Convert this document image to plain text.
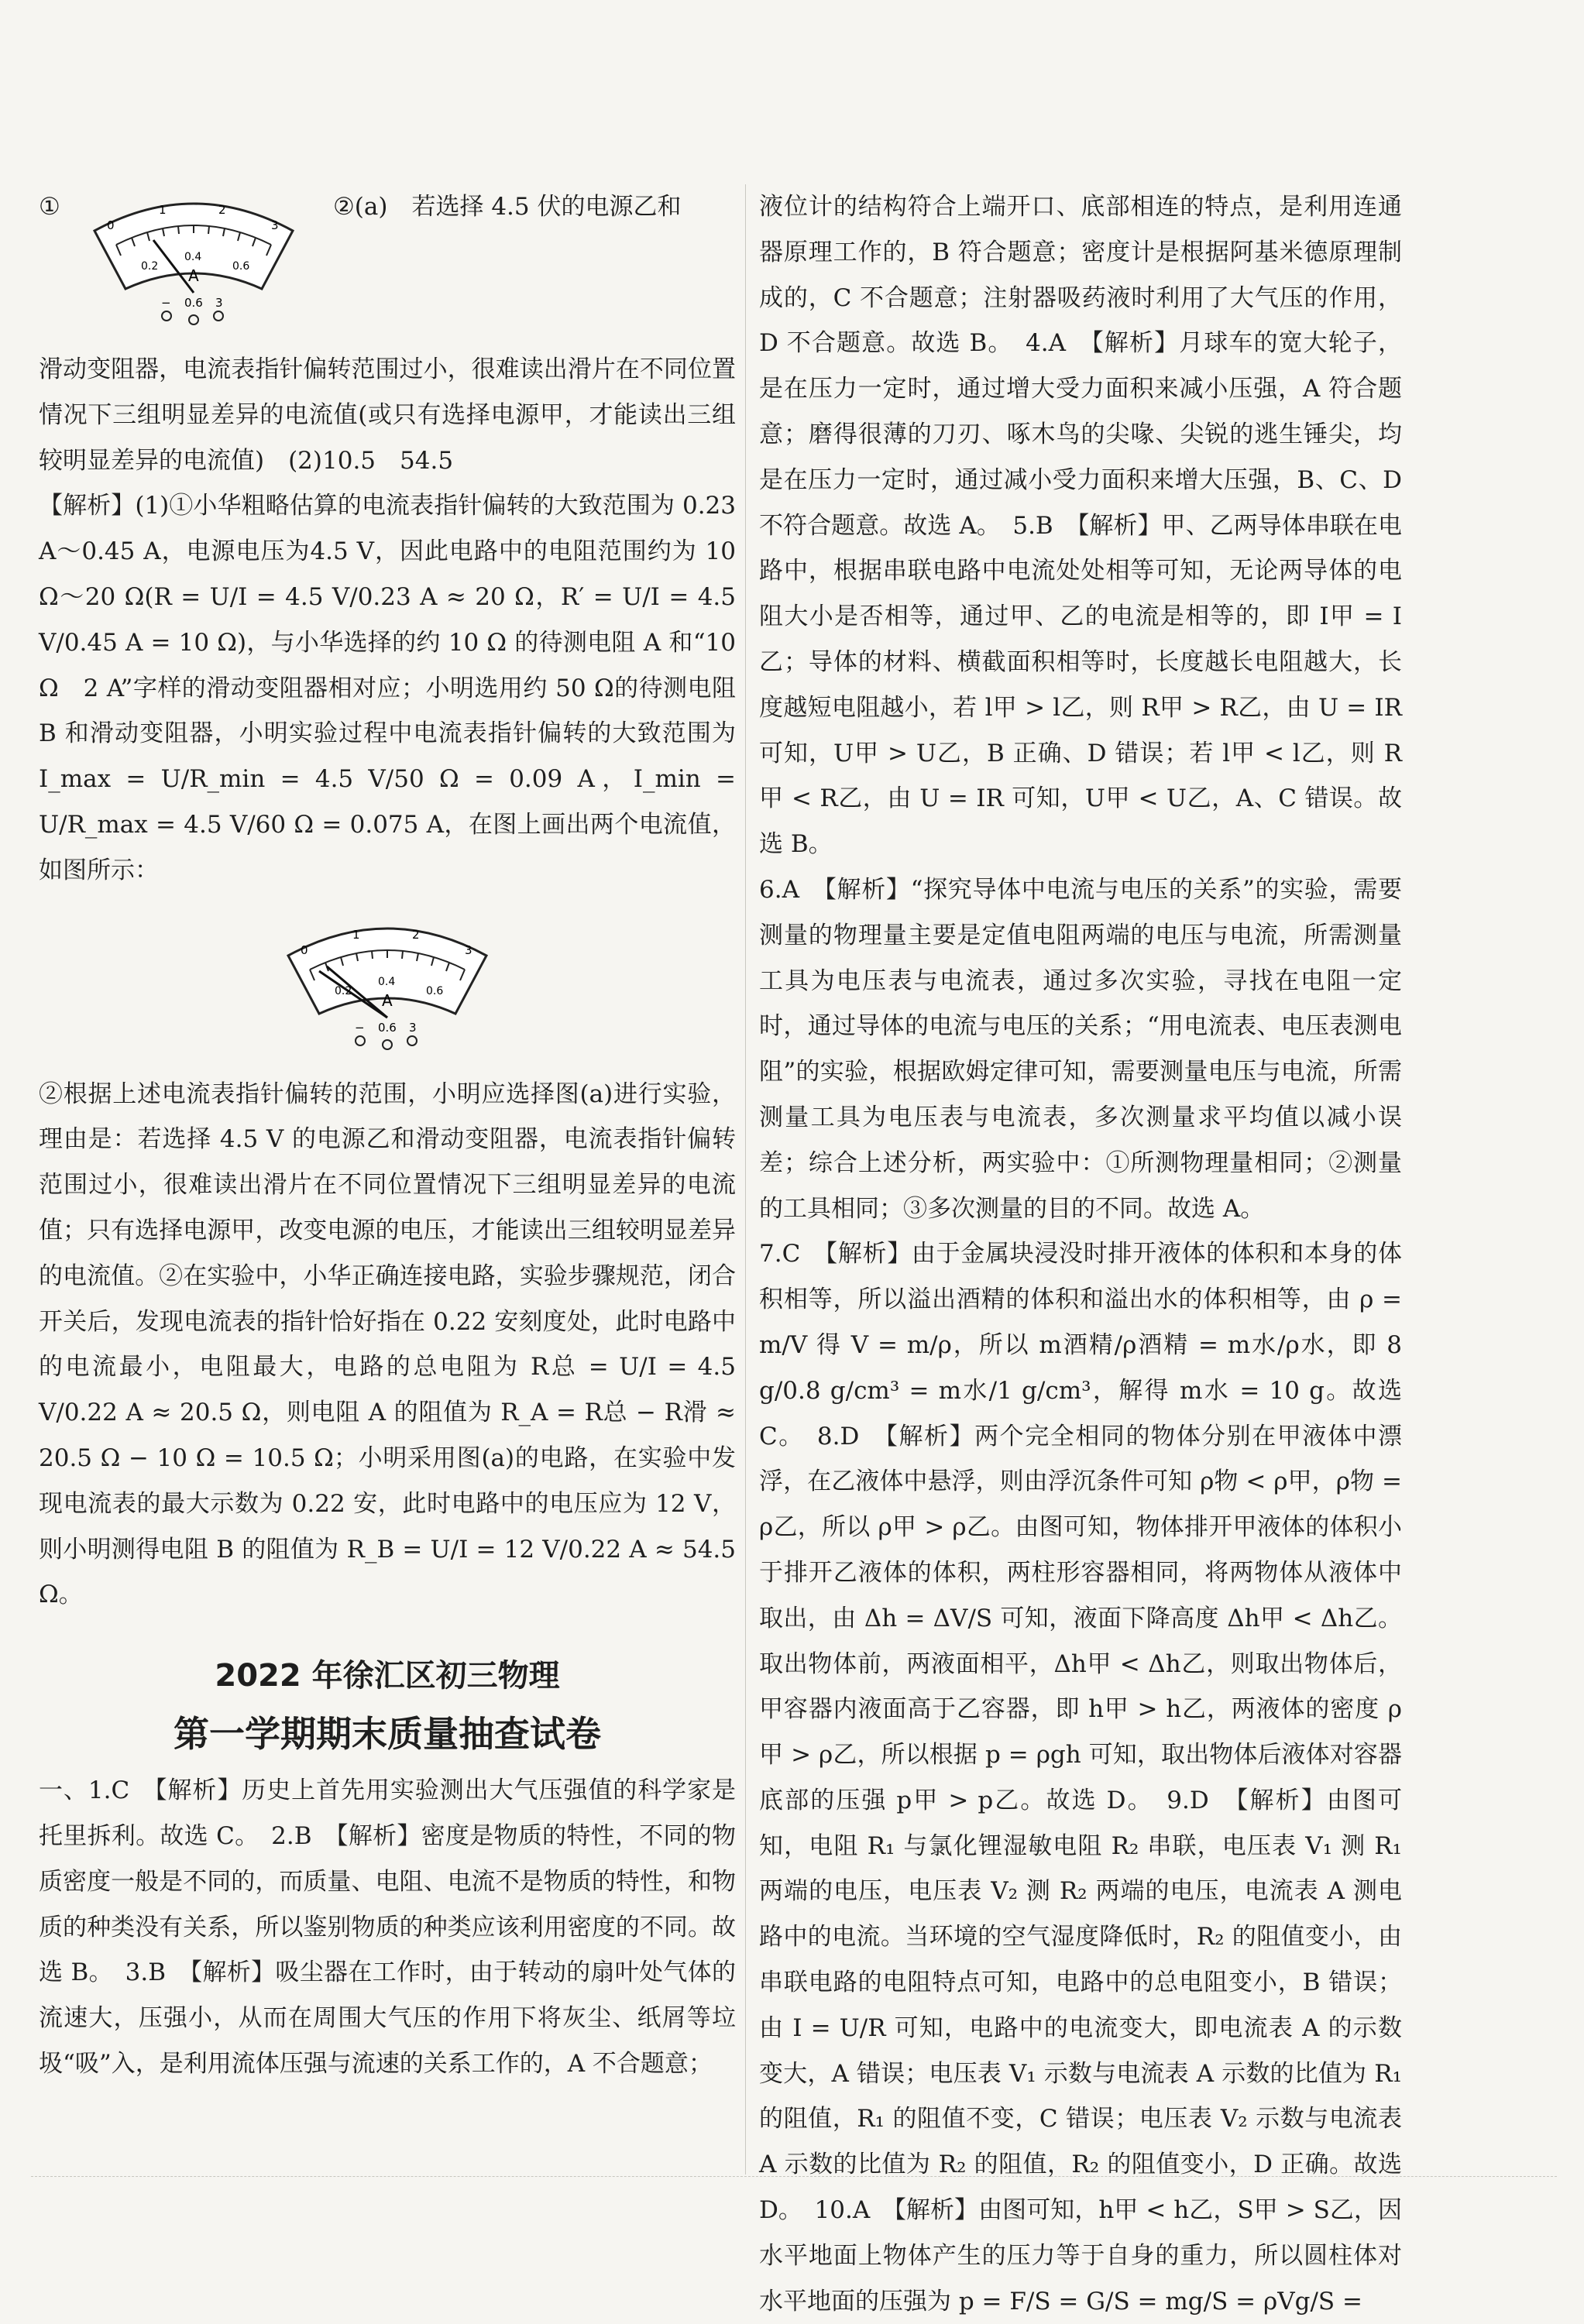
①
0
1	2
3
0.2
0.4
0.6
A
− 0.6 3
②(a)　若选择 4.5 伏的电源乙和

滑动变阻器，电流表指针偏转范围过小，很难读出滑片在不同位置情况下三组明显差异的电流值(或只有选择电源甲，才能读出三组较明显差异的电流值)　(2)10.5　54.5

【解析】(1)①小华粗略估算的电流表指针偏转的大致范围为 0.23 A～0.45 A，电源电压为4.5 V，因此电路中的电阻范围约为 10 Ω～20 Ω(R = U/I = 4.5 V/0.23 A ≈ 20 Ω，R′ = U/I = 4.5 V/0.45 A = 10 Ω)，与小华选择的约 10 Ω 的待测电阻 A 和“10 Ω　2 A”字样的滑动变阻器相对应；小明选用约 50 Ω的待测电阻 B 和滑动变阻器，小明实验过程中电流表指针偏转的大致范围为 I_max = U/R_min = 4.5 V/50 Ω = 0.09 A，I_min = U/R_max = 4.5 V/60 Ω = 0.075 A，在图上画出两个电流值，如图所示：

0
1	2
3
0.2
0.4
0.6
A
− 0.6 3

②根据上述电流表指针偏转的范围，小明应选择图(a)进行实验，理由是：若选择 4.5 V 的电源乙和滑动变阻器，电流表指针偏转范围过小，很难读出滑片在不同位置情况下三组明显差异的电流值；只有选择电源甲，改变电源的电压，才能读出三组较明显差异的电流值。②在实验中，小华正确连接电路，实验步骤规范，闭合开关后，发现电流表的指针恰好指在 0.22 安刻度处，此时电路中的电流最小，电阻最大，电路的总电阻为 R总 = U/I = 4.5 V/0.22 A ≈ 20.5 Ω，则电阻 A 的阻值为 R_A = R总 − R滑 ≈ 20.5 Ω − 10 Ω = 10.5 Ω；小明采用图(a)的电路，在实验中发现电流表的最大示数为 0.22 安，此时电路中的电压应为 12 V，则小明测得电阻 B 的阻值为 R_B = U/I = 12 V/0.22 A ≈ 54.5 Ω。

2022 年徐汇区初三物理
第一学期期末质量抽查试卷

一、1.C　【解析】历史上首先用实验测出大气压强值的科学家是托里拆利。故选 C。　2.B　【解析】密度是物质的特性，不同的物质密度一般是不同的，而质量、电阻、电流不是物质的特性，和物质的种类没有关系，所以鉴别物质的种类应该利用密度的不同。故选 B。　3.B　【解析】吸尘器在工作时，由于转动的扇叶处气体的流速大，压强小，从而在周围大气压的作用下将灰尘、纸屑等垃圾“吸”入，是利用流体压强与流速的关系工作的，A 不合题意；

液位计的结构符合上端开口、底部相连的特点，是利用连通器原理工作的，B 符合题意；密度计是根据阿基米德原理制成的，C 不合题意；注射器吸药液时利用了大气压的作用，D 不合题意。故选 B。　4.A　【解析】月球车的宽大轮子，是在压力一定时，通过增大受力面积来减小压强，A 符合题意；磨得很薄的刀刃、啄木鸟的尖喙、尖锐的逃生锤尖，均是在压力一定时，通过减小受力面积来增大压强，B、C、D 不符合题意。故选 A。　5.B　【解析】甲、乙两导体串联在电路中，根据串联电路中电流处处相等可知，无论两导体的电阻大小是否相等，通过甲、乙的电流是相等的，即 I甲 = I乙；导体的材料、横截面积相等时，长度越长电阻越大，长度越短电阻越小，若 l甲 > l乙，则 R甲 > R乙，由 U = IR 可知，U甲 > U乙，B 正确、D 错误；若 l甲 < l乙，则 R甲 < R乙，由 U = IR 可知，U甲 < U乙，A、C 错误。故选 B。

6.A　【解析】“探究导体中电流与电压的关系”的实验，需要测量的物理量主要是定值电阻两端的电压与电流，所需测量工具为电压表与电流表，通过多次实验，寻找在电阻一定时，通过导体的电流与电压的关系；“用电流表、电压表测电阻”的实验，根据欧姆定律可知，需要测量电压与电流，所需测量工具为电压表与电流表，多次测量求平均值以减小误差；综合上述分析，两实验中：①所测物理量相同；②测量的工具相同；③多次测量的目的不同。故选 A。

7.C　【解析】由于金属块浸没时排开液体的体积和本身的体积相等，所以溢出酒精的体积和溢出水的体积相等，由 ρ = m/V 得 V = m/ρ，所以 m酒精/ρ酒精 = m水/ρ水，即 8 g/0.8 g/cm³ = m水/1 g/cm³，解得 m水 = 10 g。故选 C。　8.D　【解析】两个完全相同的物体分别在甲液体中漂浮，在乙液体中悬浮，则由浮沉条件可知 ρ物 < ρ甲，ρ物 = ρ乙，所以 ρ甲 > ρ乙。由图可知，物体排开甲液体的体积小于排开乙液体的体积，两柱形容器相同，将两物体从液体中取出，由 Δh = ΔV/S 可知，液面下降高度 Δh甲 < Δh乙。取出物体前，两液面相平，Δh甲 < Δh乙，则取出物体后，甲容器内液面高于乙容器，即 h甲 > h乙，两液体的密度 ρ甲 > ρ乙，所以根据 p = ρgh 可知，取出物体后液体对容器底部的压强 p甲 > p乙。故选 D。　9.D　【解析】由图可知，电阻 R₁ 与氯化锂湿敏电阻 R₂ 串联，电压表 V₁ 测 R₁ 两端的电压，电压表 V₂ 测 R₂ 两端的电压，电流表 A 测电路中的电流。当环境的空气湿度降低时，R₂ 的阻值变小，由串联电路的电阻特点可知，电路中的总电阻变小，B 错误；由 I = U/R 可知，电路中的电流变大，即电流表 A 的示数变大，A 错误；电压表 V₁ 示数与电流表 A 示数的比值为 R₁ 的阻值，R₁ 的阻值不变，C 错误；电压表 V₂ 示数与电流表 A 示数的比值为 R₂ 的阻值，R₂ 的阻值变小，D 正确。故选 D。　10.A　【解析】由图可知，h甲 < h乙，S甲 > S乙，因水平地面上物体产生的压力等于自身的重力，所以圆柱体对水平地面的压强为 p = F/S = G/S = mg/S = ρVg/S =
